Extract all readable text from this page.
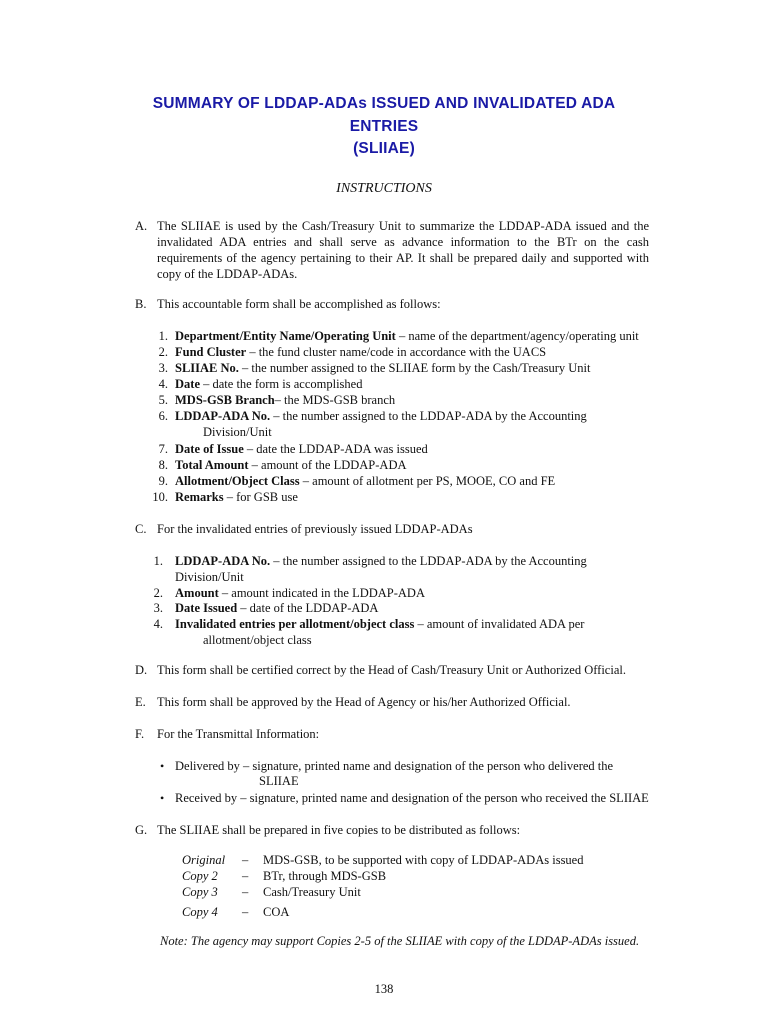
SUMMARY OF LDDAP-ADAs ISSUED AND INVALIDATED ADA
ENTRIES
(SLIIAE)
INSTRUCTIONS
A. The SLIIAE is used by the Cash/Treasury Unit to summarize the LDDAP-ADA issued and the invalidated ADA entries and shall serve as advance information to the BTr on the cash requirements of the agency pertaining to their AP. It shall be prepared daily and supported with copy of the LDDAP-ADAs.
B. This accountable form shall be accomplished as follows:
1. Department/Entity Name/Operating Unit – name of the department/agency/operating unit
2. Fund Cluster – the fund cluster name/code in accordance with the UACS
3. SLIIAE No. – the number assigned to the SLIIAE form by the Cash/Treasury Unit
4. Date – date the form is accomplished
5. MDS-GSB Branch– the MDS-GSB branch
6. LDDAP-ADA No. – the number assigned to the LDDAP-ADA by the Accounting
Division/Unit
7. Date of Issue – date the LDDAP-ADA was issued
8. Total Amount – amount of the LDDAP-ADA
9. Allotment/Object Class – amount of allotment per PS, MOOE, CO and FE
10. Remarks – for GSB use
C. For the invalidated entries of previously issued LDDAP-ADAs
1. LDDAP-ADA No. – the number assigned to the LDDAP-ADA by the Accounting
Division/Unit
2. Amount – amount indicated in the LDDAP-ADA
3. Date Issued – date of the LDDAP-ADA
4. Invalidated entries per allotment/object class – amount of invalidated ADA per
allotment/object class
D. This form shall be certified correct by the Head of Cash/Treasury Unit or Authorized Official.
E. This form shall be approved by the Head of Agency or his/her Authorized Official.
F. For the Transmittal Information:
• Delivered by – signature, printed name and designation of the person who delivered the
SLIIAE
• Received by – signature, printed name and designation of the person who received the SLIIAE
G. The SLIIAE shall be prepared in five copies to be distributed as follows:
Original – MDS-GSB, to be supported with copy of LDDAP-ADAs issued
Copy 2 – BTr, through MDS-GSB
Copy 3 – Cash/Treasury Unit
Copy 4 – COA
Note: The agency may support Copies 2-5 of the SLIIAE with copy of the LDDAP-ADAs issued.
138
